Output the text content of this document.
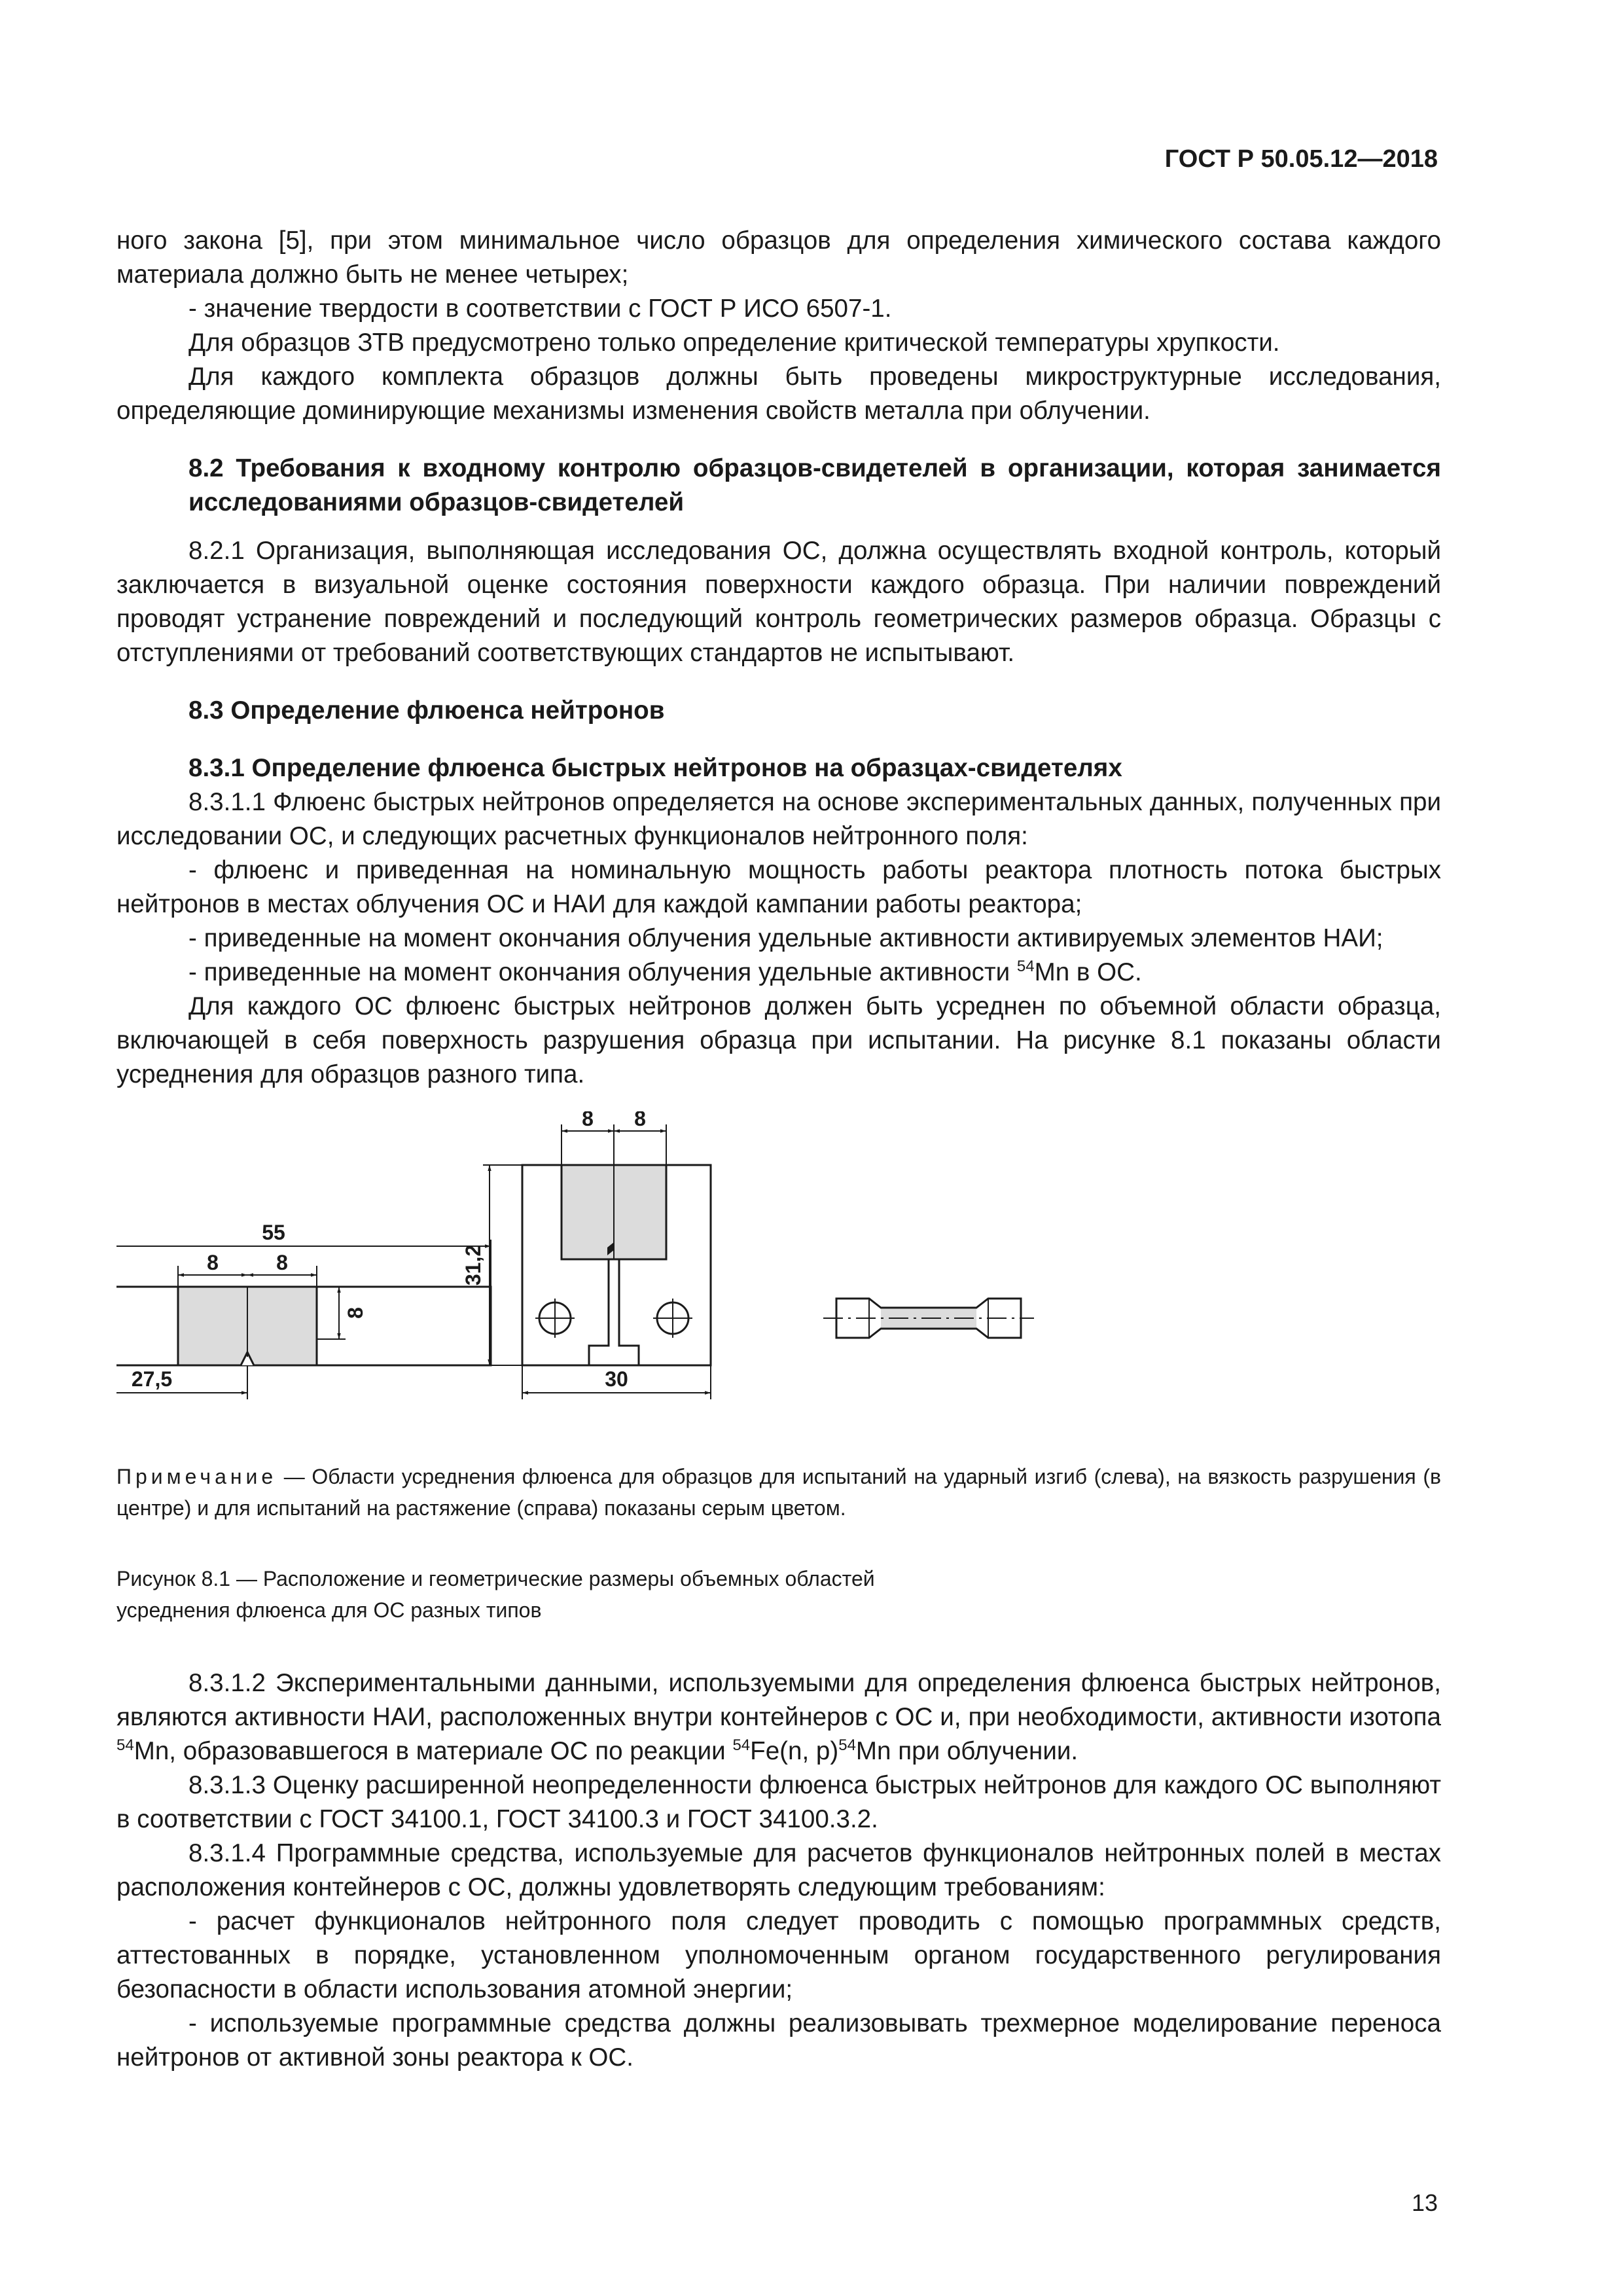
ГОСТ Р 50.05.12—2018

ного закона [5], при этом минимальное число образцов для определения химического состава каждого материала должно быть не менее четырех;

- значение твердости в соответствии с ГОСТ Р ИСО 6507-1.

Для образцов ЗТВ предусмотрено только определение критической температуры хрупкости.

Для каждого комплекта образцов должны быть проведены микроструктурные исследования, определяющие доминирующие механизмы изменения свойств металла при облучении.

8.2 Требования к входному контролю образцов-свидетелей в организации, которая занимается исследованиями образцов-свидетелей

8.2.1 Организация, выполняющая исследования ОС, должна осуществлять входной контроль, который заключается в визуальной оценке состояния поверхности каждого образца. При наличии повреждений проводят устранение повреждений и последующий контроль геометрических размеров образца. Образцы с отступлениями от требований соответствующих стандартов не испытывают.

8.3 Определение флюенса нейтронов

8.3.1 Определение флюенса быстрых нейтронов на образцах-свидетелях

8.3.1.1 Флюенс быстрых нейтронов определяется на основе экспериментальных данных, полученных при исследовании ОС, и следующих расчетных функционалов нейтронного поля:

- флюенс и приведенная на номинальную мощность работы реактора плотность потока быстрых нейтронов в местах облучения ОС и НАИ для каждой кампании работы реактора;

- приведенные на момент окончания облучения удельные активности активируемых элементов НАИ;

- приведенные на момент окончания облучения удельные активности $^{54}$Mn в ОС.

Для каждого ОС флюенс быстрых нейтронов должен быть усреднен по объемной области образца, включающей в себя поверхность разрушения образца при испытании. На рисунке 8.1 показаны области усреднения для образцов разного типа.

55
8	8
8
27,5
8 8
31,2
30

Примечание — Области усреднения флюенса для образцов для испытаний на ударный изгиб (слева), на вязкость разрушения (в центре) и для испытаний на растяжение (справа) показаны серым цветом.

Рисунок 8.1 — Расположение и геометрические размеры объемных областей
усреднения флюенса для ОС разных типов

8.3.1.2 Экспериментальными данными, используемыми для определения флюенса быстрых нейтронов, являются активности НАИ, расположенных внутри контейнеров с ОС и, при необходимости, активности изотопа $^{54}$Mn, образовавшегося в материале ОС по реакции $^{54}$Fe(n, p)$^{54}$Mn при облучении.

8.3.1.3 Оценку расширенной неопределенности флюенса быстрых нейтронов для каждого ОС выполняют в соответствии с ГОСТ 34100.1, ГОСТ 34100.3 и ГОСТ 34100.3.2.

8.3.1.4 Программные средства, используемые для расчетов функционалов нейтронных полей в местах расположения контейнеров с ОС, должны удовлетворять следующим требованиям:

- расчет функционалов нейтронного поля следует проводить с помощью программных средств, аттестованных в порядке, установленном уполномоченным органом государственного регулирования безопасности в области использования атомной энергии;

- используемые программные средства должны реализовывать трехмерное моделирование переноса нейтронов от активной зоны реактора к ОС.

13
